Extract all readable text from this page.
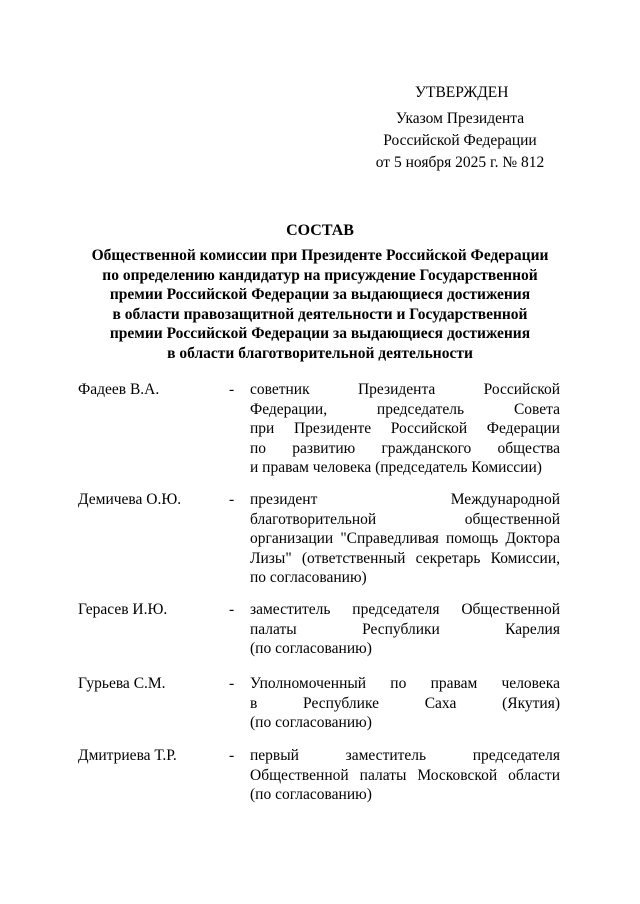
УТВЕРЖДЕН
Указом Президента
Российской Федерации
от 5 ноября 2025 г. № 812
СОСТАВ
Общественной комиссии при Президенте Российской Федерации
по определению кандидатур на присуждение Государственной
премии Российской Федерации за выдающиеся достижения
в области правозащитной деятельности и Государственной
премии Российской Федерации за выдающиеся достижения
в области благотворительной деятельности
Фадеев В.А.	- советник	Президента	Российской
Федерации,	председатель	Совета
при Президенте Российской Федерации
по развитию гражданского общества
и правам человека (председатель Комиссии)
Демичева О.Ю.	- президент	Международной
благотворительной	общественной
организации "Справедливая помощь Доктора
Лизы" (ответственный секретарь Комиссии,
по согласованию)
Герасев И.Ю.	- заместитель председателя Общественной
палаты	Республики	Карелия
(по согласованию)
Гурьева С.М.	- Уполномоченный по правам человека
в	Республике	Саха	(Якутия)
(по согласованию)
Дмитриева Т.Р.	- первый	заместитель	председателя
Общественной палаты Московской области
(по согласованию)
